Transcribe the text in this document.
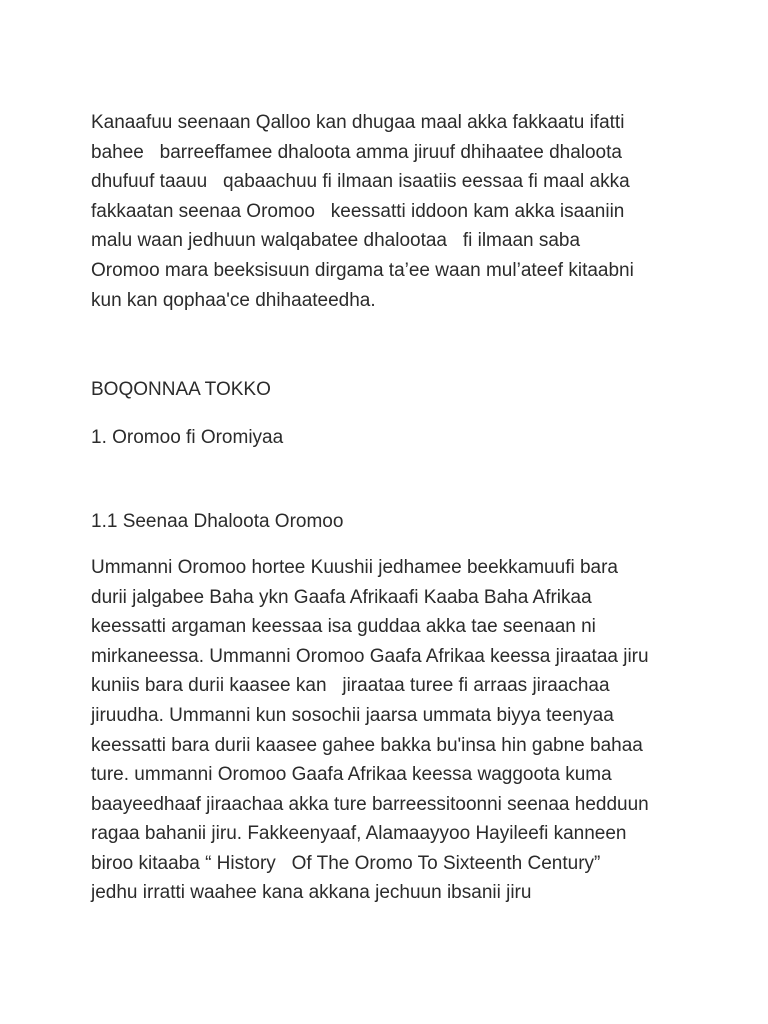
Kanaafuu seenaan Qalloo kan dhugaa maal akka fakkaatu ifatti
bahee   barreeffamee dhaloota amma jiruuf dhihaatee dhaloota
dhufuuf taauu   qabaachuu fi ilmaan isaatiis eessaa fi maal akka
fakkaatan seenaa Oromoo   keessatti iddoon kam akka isaaniin
malu waan jedhuun walqabatee dhalootaa   fi ilmaan saba
Oromoo mara beeksisuun dirgama ta’ee waan mul’ateef kitaabni
kun kan qophaa'ce dhihaateedha.
BOQONNAA TOKKO
1. Oromoo fi Oromiyaa
1.1 Seenaa Dhaloota Oromoo
Ummanni Oromoo hortee Kuushii jedhamee beekkamuufi bara
durii jalgabee Baha ykn Gaafa Afrikaafi Kaaba Baha Afrikaa
keessatti argaman keessaa isa guddaa akka tae seenaan ni
mirkaneessa. Ummanni Oromoo Gaafa Afrikaa keessa jiraataa jiru
kuniis bara durii kaasee kan   jiraataa turee fi arraas jiraachaa
jiruudha. Ummanni kun sosochii jaarsa ummata biyya teenyaa
keessatti bara durii kaasee gahee bakka bu'insa hin gabne bahaa
ture. ummanni Oromoo Gaafa Afrikaa keessa waggoota kuma
baayeedhaaf jiraachaa akka ture barreessitoonni seenaa hedduun
ragaa bahanii jiru. Fakkeenyaaf, Alamaayyoo Hayileefi kanneen
biroo kitaaba “ History   Of The Oromo To Sixteenth Century”
jedhu irratti waahee kana akkana jechuun ibsanii jiru
